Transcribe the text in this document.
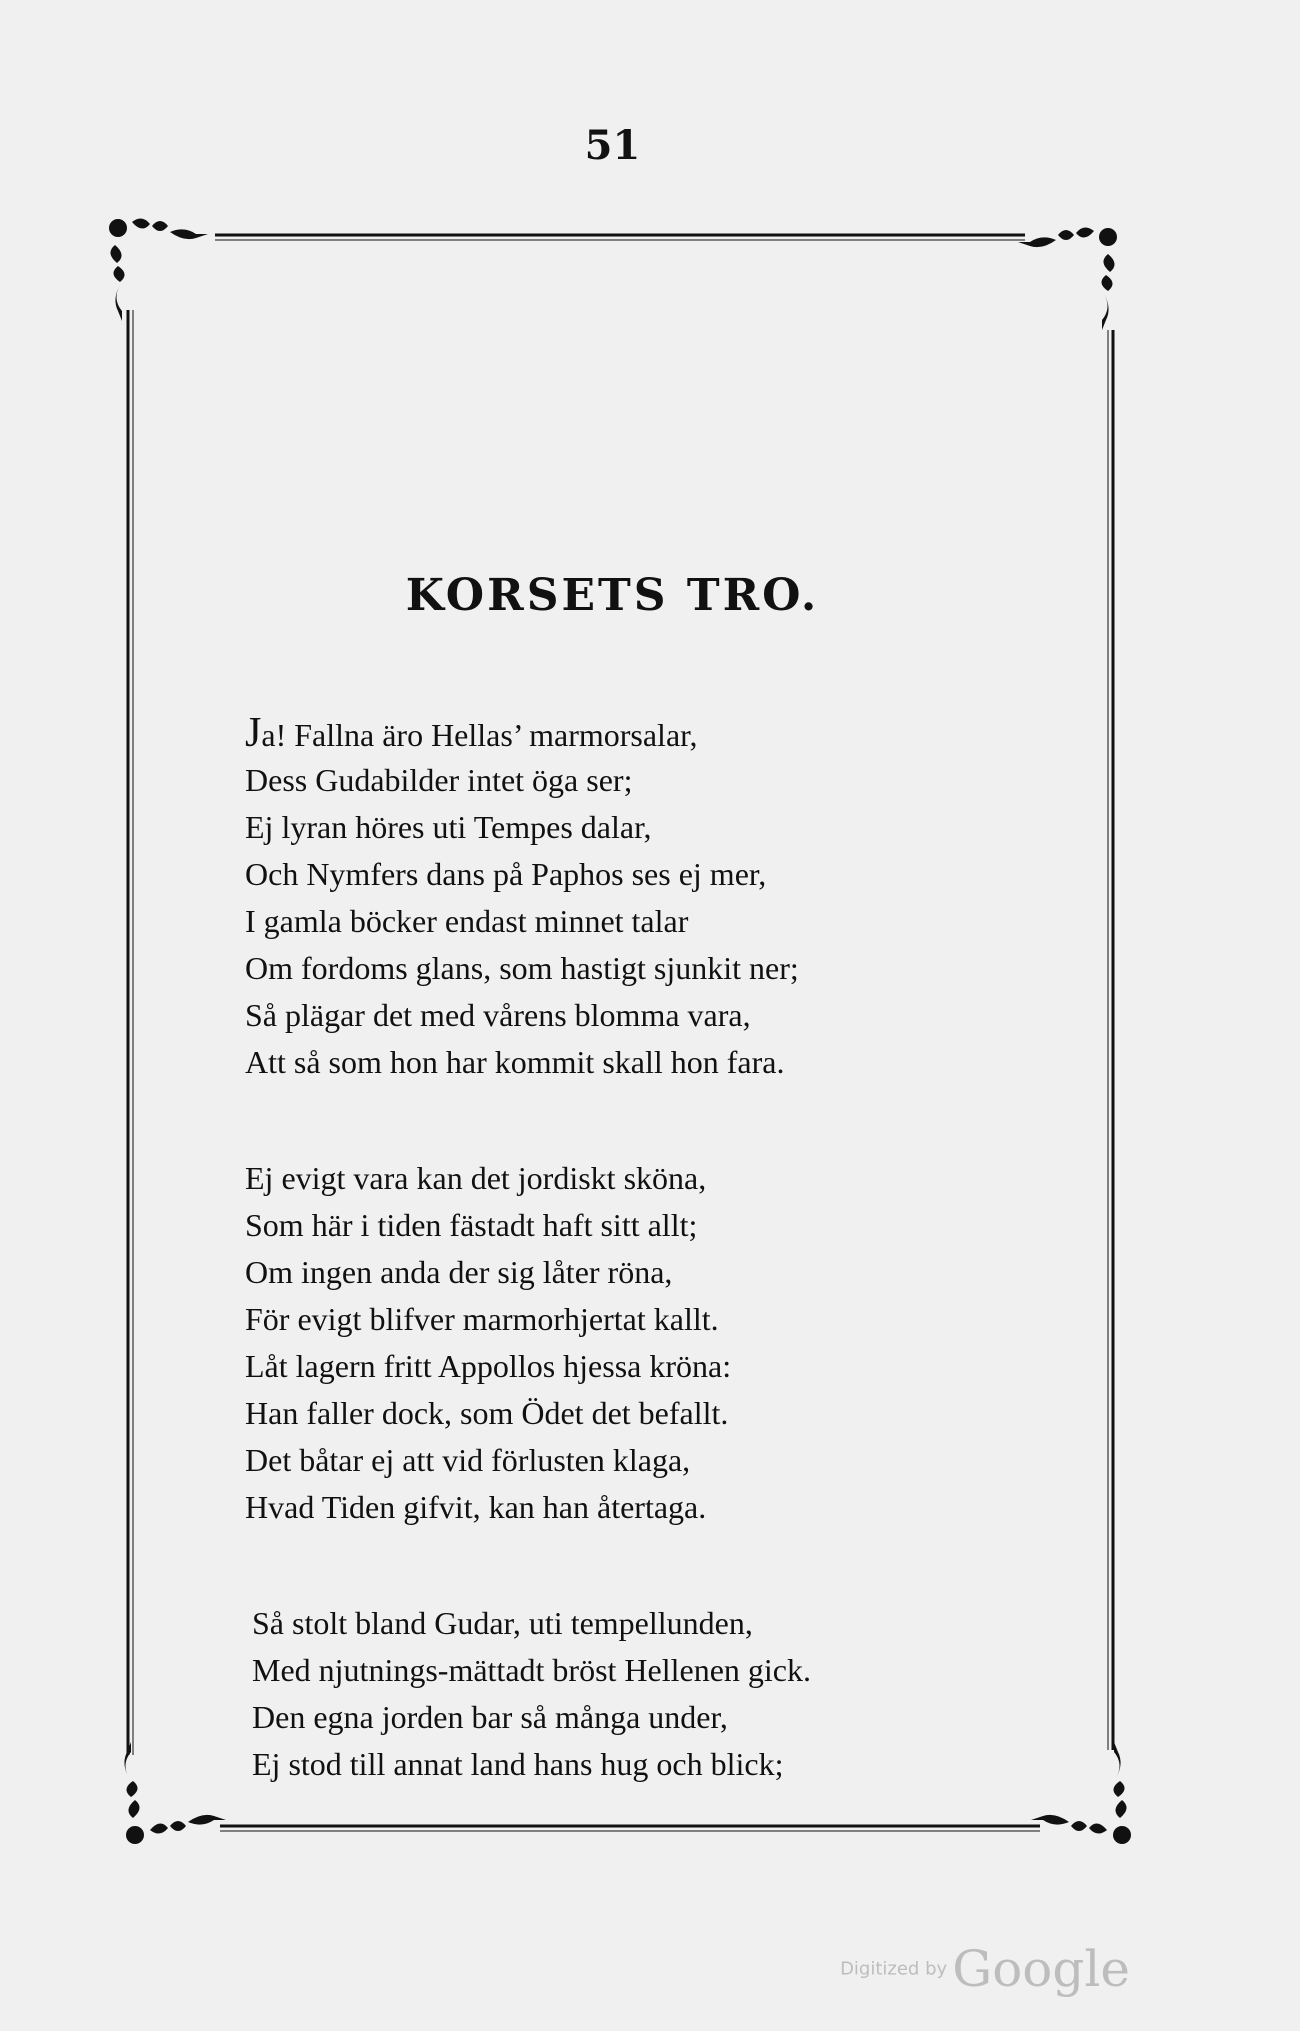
51
KORSETS TRO.
Ja! Fallna äro Hellas’ marmorsalar,
Dess Gudabilder intet öga ser;
Ej lyran höres uti Tempes dalar,
Och Nymfers dans på Paphos ses ej mer,
I gamla böcker endast minnet talar
Om fordoms glans, som hastigt sjunkit ner;
Så plägar det med vårens blomma vara,
Att så som hon har kommit skall hon fara.
Ej evigt vara kan det jordiskt sköna,
Som här i tiden fästadt haft sitt allt;
Om ingen anda der sig låter röna,
För evigt blifver marmorhjertat kallt.
Låt lagern fritt Appollos hjessa kröna:
Han faller dock, som Ödet det befallt.
Det båtar ej att vid förlusten klaga,
Hvad Tiden gifvit, kan han återtaga.
Så stolt bland Gudar, uti tempellunden,
Med njutnings-mättadt bröst Hellenen gick.
Den egna jorden bar så många under,
Ej stod till annat land hans hug och blick;
Digitized by Google
